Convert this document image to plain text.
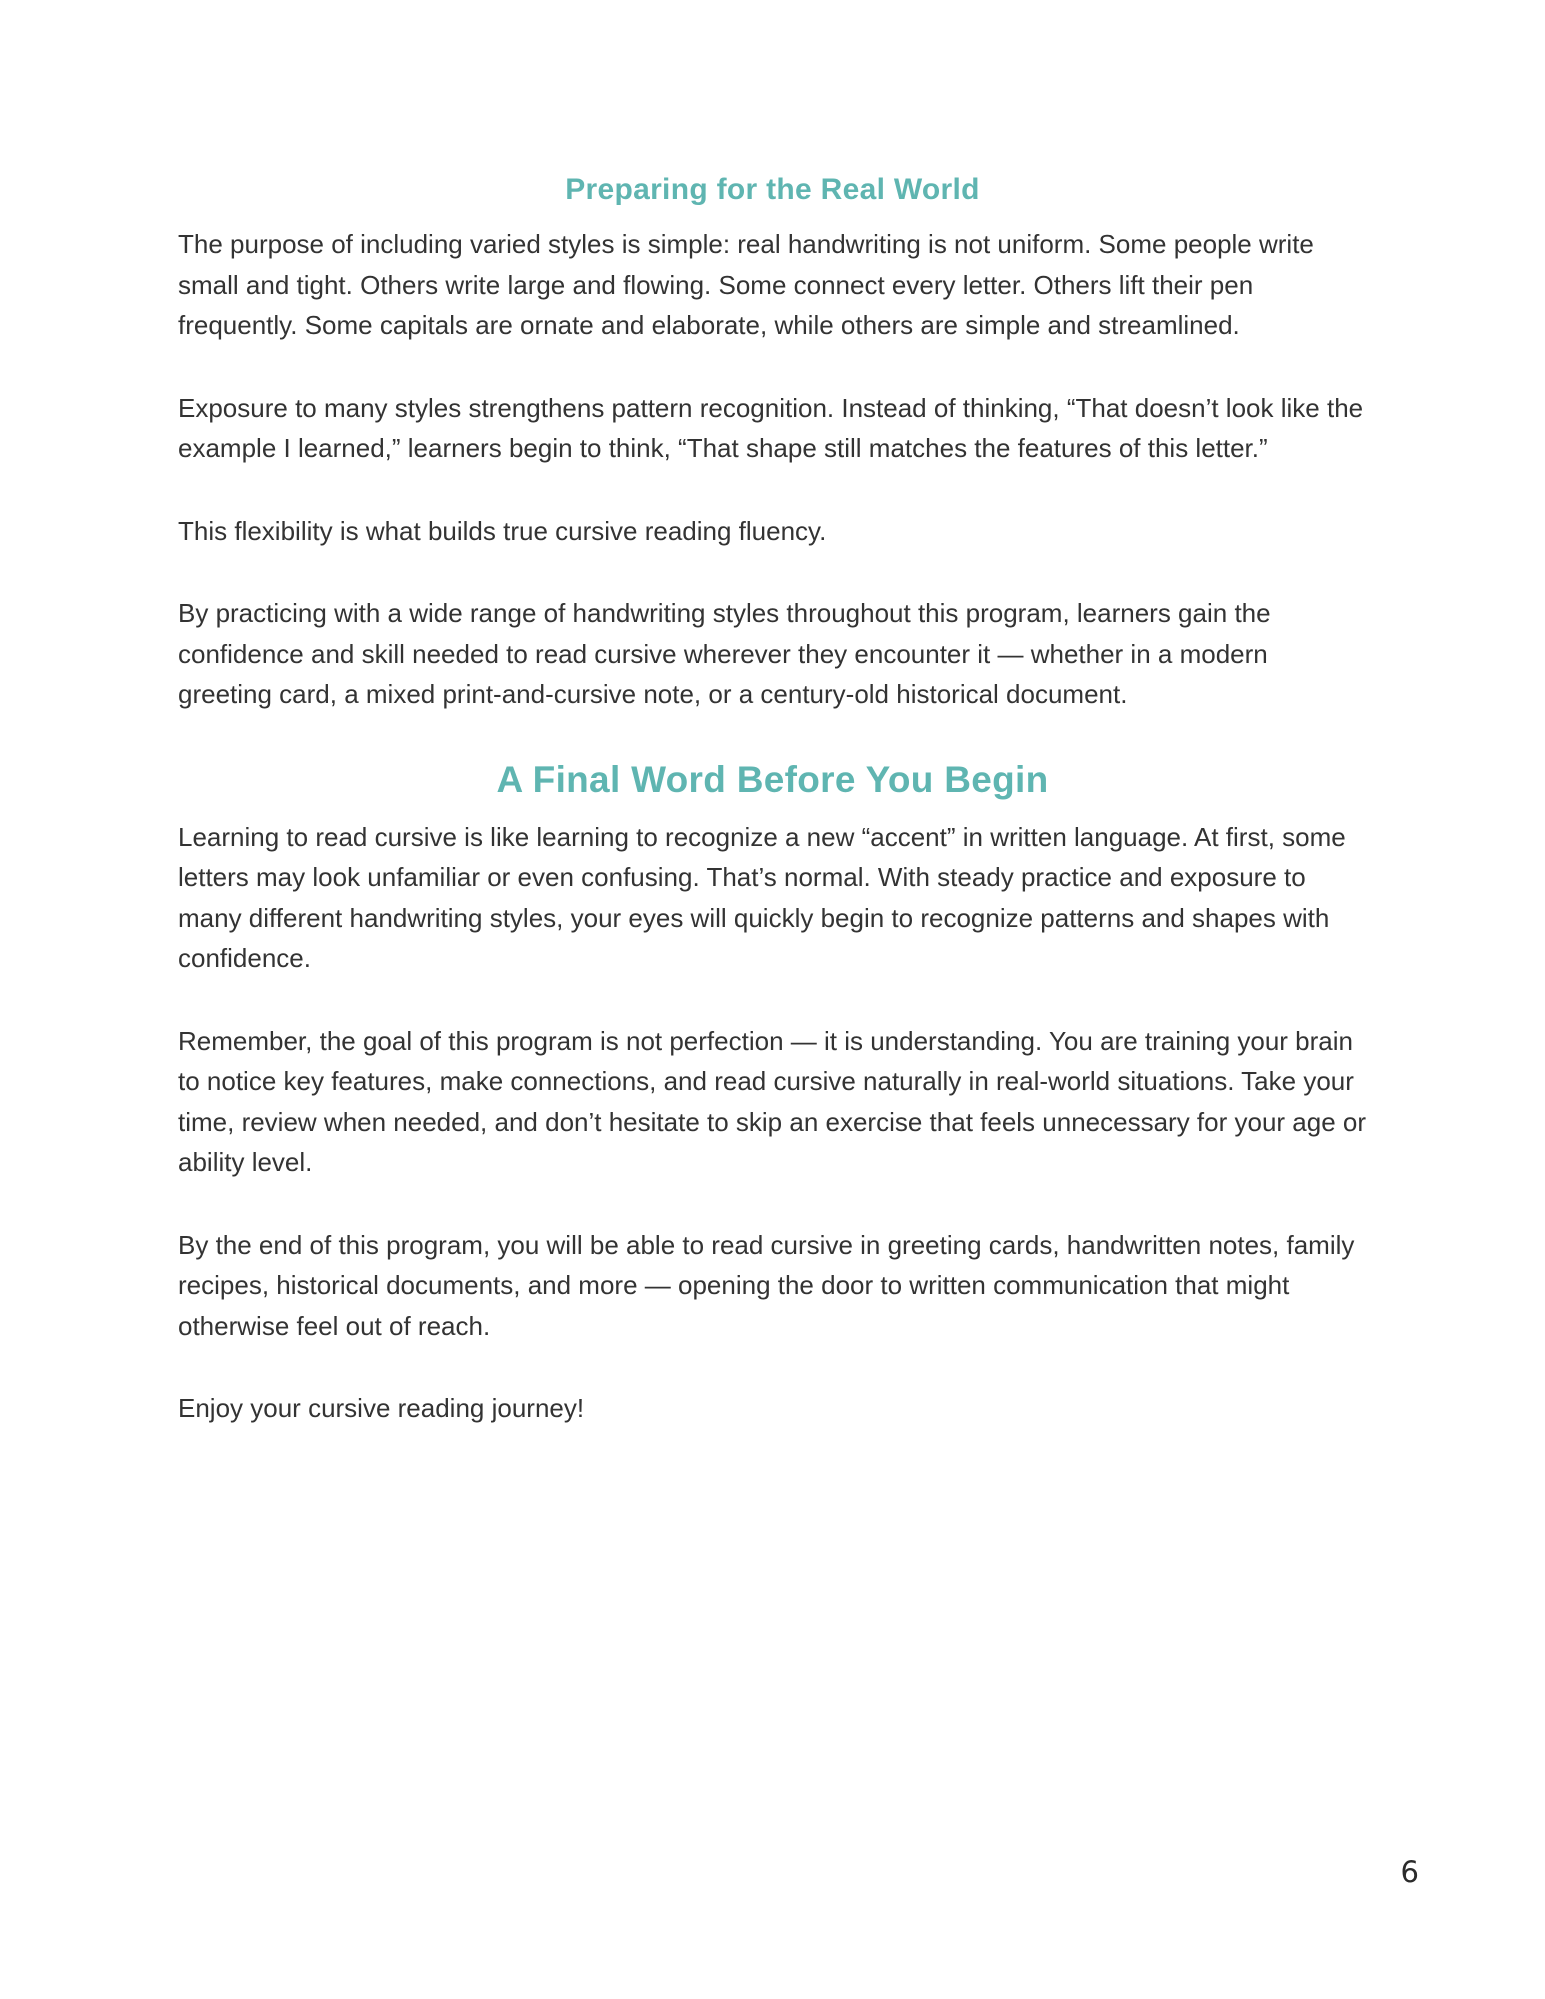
Preparing for the Real World

The purpose of including varied styles is simple: real handwriting is not uniform. Some people write small and tight. Others write large and flowing. Some connect every letter. Others lift their pen frequently. Some capitals are ornate and elaborate, while others are simple and streamlined.

Exposure to many styles strengthens pattern recognition. Instead of thinking, “That doesn’t look like the example I learned,” learners begin to think, “That shape still matches the features of this letter.”

This flexibility is what builds true cursive reading fluency.

By practicing with a wide range of handwriting styles throughout this program, learners gain the confidence and skill needed to read cursive wherever they encounter it — whether in a modern greeting card, a mixed print-and-cursive note, or a century-old historical document.

A Final Word Before You Begin

Learning to read cursive is like learning to recognize a new “accent” in written language. At first, some letters may look unfamiliar or even confusing. That’s normal. With steady practice and exposure to many different handwriting styles, your eyes will quickly begin to recognize patterns and shapes with confidence.

Remember, the goal of this program is not perfection — it is understanding. You are training your brain to notice key features, make connections, and read cursive naturally in real-world situations. Take your time, review when needed, and don’t hesitate to skip an exercise that feels unnecessary for your age or ability level.

By the end of this program, you will be able to read cursive in greeting cards, handwritten notes, family recipes, historical documents, and more — opening the door to written communication that might otherwise feel out of reach.

Enjoy your cursive reading journey!

6
